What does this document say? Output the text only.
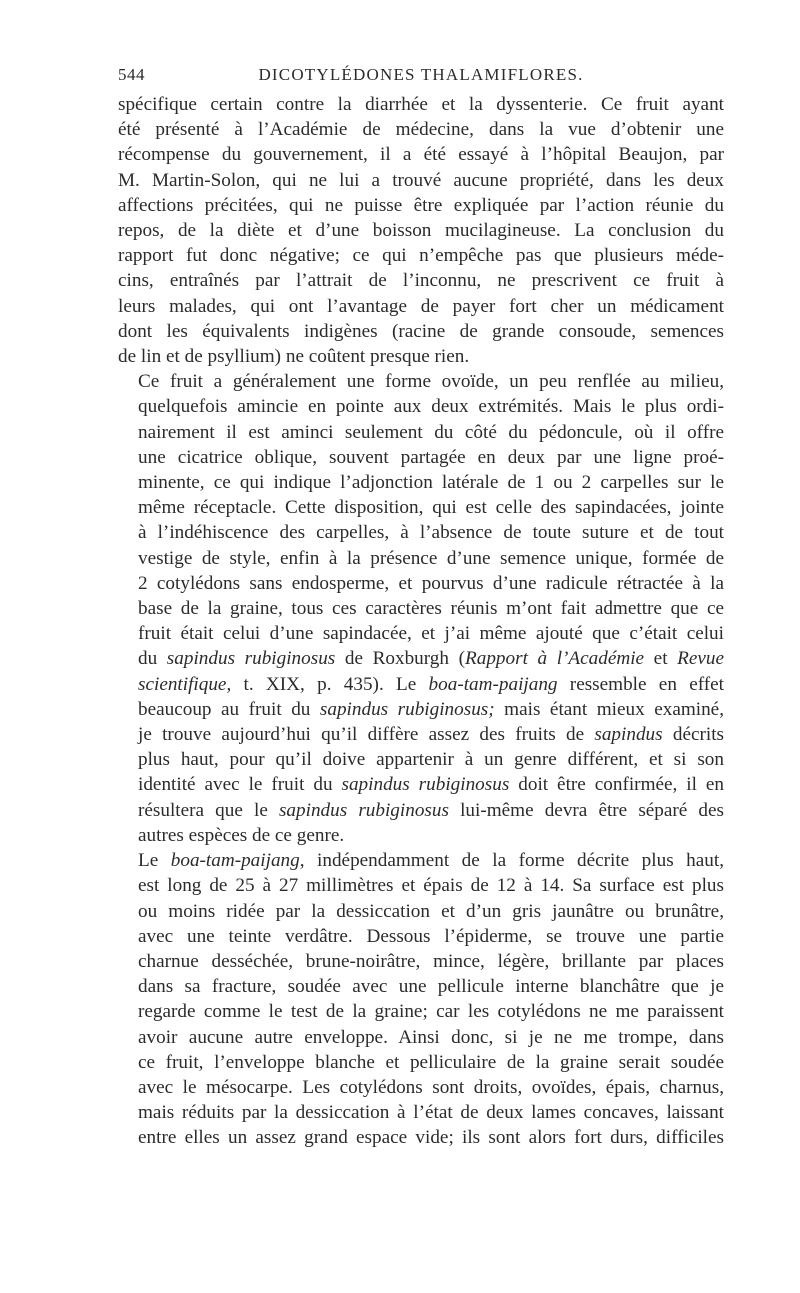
544	DICOTYLÉDONES THALAMIFLORES.

spécifique certain contre la diarrhée et la dyssenterie. Ce fruit ayant
été présenté à l’Académie de médecine, dans la vue d’obtenir une
récompense du gouvernement, il a été essayé à l’hôpital Beaujon, par
M. Martin-Solon, qui ne lui a trouvé aucune propriété, dans les deux
affections précitées, qui ne puisse être expliquée par l’action réunie du
repos, de la diète et d’une boisson mucilagineuse. La conclusion du
rapport fut donc négative; ce qui n’empêche pas que plusieurs méde-
cins, entraînés par l’attrait de l’inconnu, ne prescrivent ce fruit à
leurs malades, qui ont l’avantage de payer fort cher un médicament
dont les équivalents indigènes (racine de grande consoude, semences
de lin et de psyllium) ne coûtent presque rien.

Ce fruit a généralement une forme ovoïde, un peu renflée au milieu,
quelquefois amincie en pointe aux deux extrémités. Mais le plus ordi-
nairement il est aminci seulement du côté du pédoncule, où il offre
une cicatrice oblique, souvent partagée en deux par une ligne proé-
minente, ce qui indique l’adjonction latérale de 1 ou 2 carpelles sur le
même réceptacle. Cette disposition, qui est celle des sapindacées, jointe
à l’indéhiscence des carpelles, à l’absence de toute suture et de tout
vestige de style, enfin à la présence d’une semence unique, formée de
2 cotylédons sans endosperme, et pourvus d’une radicule rétractée à la
base de la graine, tous ces caractères réunis m’ont fait admettre que ce
fruit était celui d’une sapindacée, et j’ai même ajouté que c’était celui
du sapindus rubiginosus de Roxburgh (Rapport à l’Académie et Revue
scientifique, t. XIX, p. 435). Le boa-tam-paijang ressemble en effet
beaucoup au fruit du sapindus rubiginosus; mais étant mieux examiné,
je trouve aujourd’hui qu’il diffère assez des fruits de sapindus décrits
plus haut, pour qu’il doive appartenir à un genre différent, et si son
identité avec le fruit du sapindus rubiginosus doit être confirmée, il en
résultera que le sapindus rubiginosus lui-même devra être séparé des
autres espèces de ce genre.

Le boa-tam-paijang, indépendamment de la forme décrite plus haut,
est long de 25 à 27 millimètres et épais de 12 à 14. Sa surface est plus
ou moins ridée par la dessiccation et d’un gris jaunâtre ou brunâtre,
avec une teinte verdâtre. Dessous l’épiderme, se trouve une partie
charnue desséchée, brune-noirâtre, mince, légère, brillante par places
dans sa fracture, soudée avec une pellicule interne blanchâtre que je
regarde comme le test de la graine; car les cotylédons ne me paraissent
avoir aucune autre enveloppe. Ainsi donc, si je ne me trompe, dans
ce fruit, l’enveloppe blanche et pelliculaire de la graine serait soudée
avec le mésocarpe. Les cotylédons sont droits, ovoïdes, épais, charnus,
mais réduits par la dessiccation à l’état de deux lames concaves, laissant
entre elles un assez grand espace vide; ils sont alors fort durs, difficiles
